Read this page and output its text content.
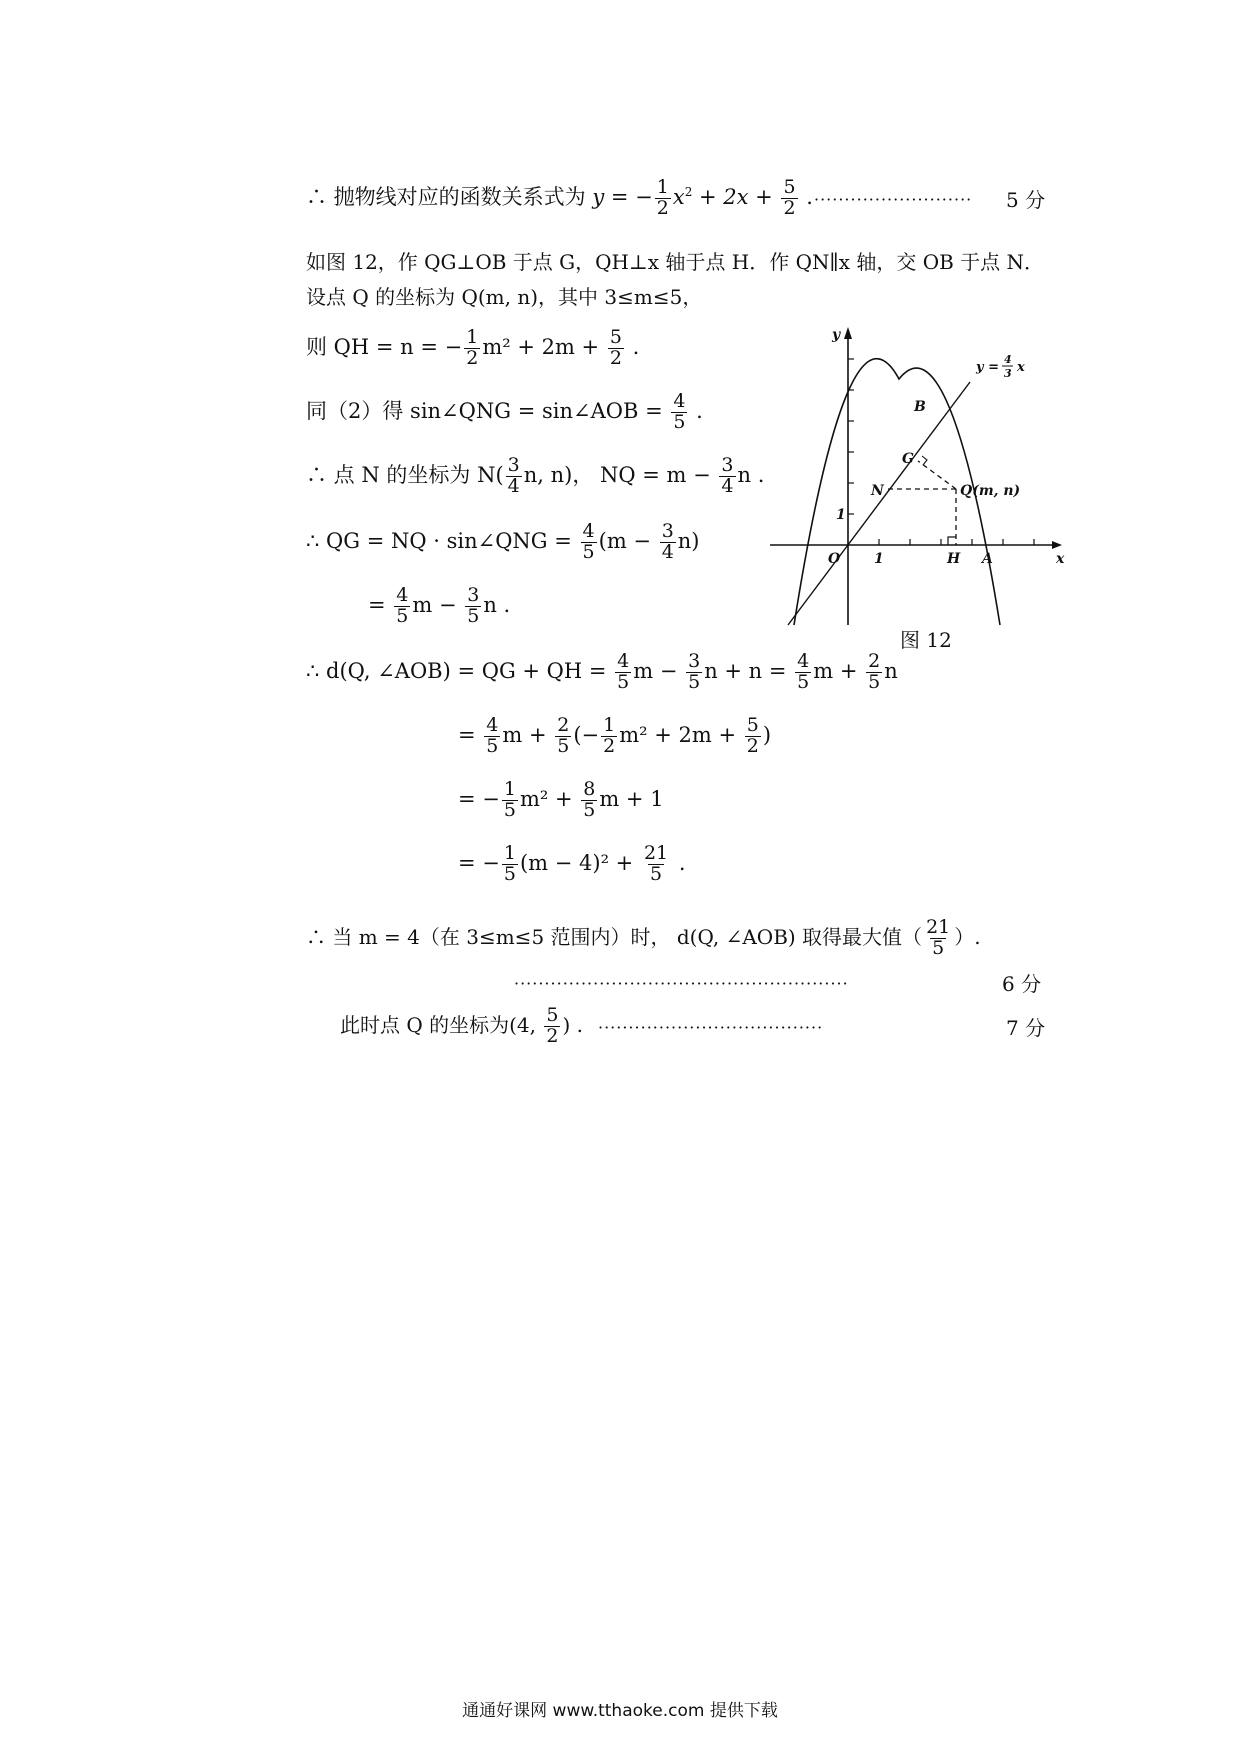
∴ 抛物线对应的函数关系式为 y = − $\frac{1}{2} x^2 + 2x + \frac{5}{2}$ . ·························· 5 分
如图 12，作 QG⊥OB 于点 G，QH⊥x 轴于点 H．作 QN∥x 轴，交 OB 于点 N．
设点 Q 的坐标为 Q(m, n)，其中 3≤m≤5，
则 QH = n = − $\frac{1}{2} m^2 + 2m + \frac{5}{2}$ .
同（2）得 sin∠QNG = sin∠AOB = $\frac{4}{5}$ .
∴ 点 N 的坐标为 $N( \frac{3}{4} n$, n)， NQ = $m - \frac{3}{4}$ n .
∴ QG = NQ · sin∠QNG = $\frac{4}{5} (m - \frac{3}{4} n)$
= $\frac{4}{5}$ $m - \frac{3}{5}$ n .
∴ d(Q, ∠AOB) = QG + QH = $\frac{4}{5}$ $m - \frac{3}{5}$ $n + n = \frac{4}{5}$ $m + \frac{2}{5}$ n
= $\frac{4}{5}$ $m + \frac{2}{5}$ (− $\frac{1}{2} m^2 + 2m + \frac{5}{2}$ )
= − $\frac{1}{5} m^2 + \frac{8}{5}$ m + 1
= − $\frac{1}{5} (m - 4)^2 + \frac{21}{5}$ .
∴ 当 m = 4（在 3≤m≤5 范围内）时， d(Q, ∠AOB) 取得最大值（ $\frac{21}{5}$ ）.
·······················································	6 分
此时点 Q 的坐标为(4, $\frac{5}{2}$ ) . ·····································	7 分
y
x
O	A
H
B
G
N	Q(m, n)
1
1
y =
4
3 x
图 12
通通好课网 www.tthaoke.com 提供下载
